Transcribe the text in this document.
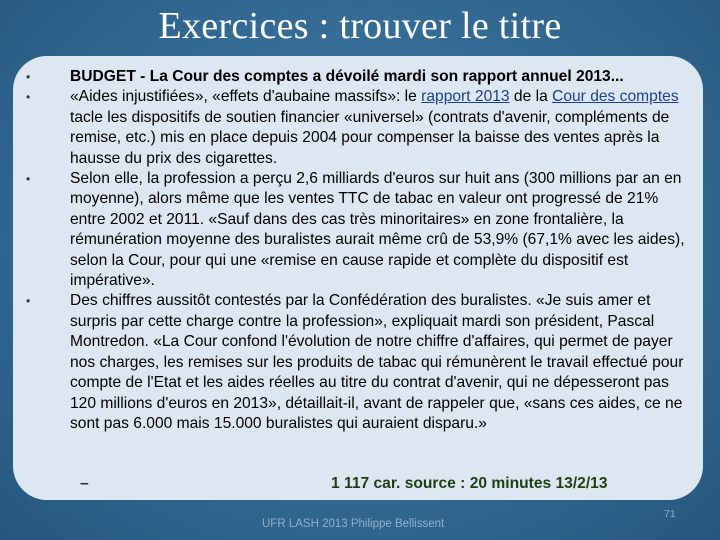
Exercices : trouver le titre
•	BUDGET - La Cour des comptes a dévoilé mardi son rapport annuel 2013...
•	«Aides injustifiées», «effets d'aubaine massifs»: le rapport 2013 de la Cour des comptes tacle les dispositifs de soutien financier «universel» (contrats d'avenir, compléments de remise, etc.) mis en place depuis 2004 pour compenser la baisse des ventes après la hausse du prix des cigarettes.
•	Selon elle, la profession a perçu 2,6 milliards d'euros sur huit ans (300 millions par an en moyenne), alors même que les ventes TTC de tabac en valeur ont progressé de 21% entre 2002 et 2011. «Sauf dans des cas très minoritaires» en zone frontalière, la rémunération moyenne des buralistes aurait même crû de 53,9% (67,1% avec les aides), selon la Cour, pour qui une «remise en cause rapide et complète du dispositif est impérative».
•	Des chiffres aussitôt contestés par la Confédération des buralistes. «Je suis amer et surpris par cette charge contre la profession», expliquait mardi son président, Pascal Montredon. «La Cour confond l'évolution de notre chiffre d'affaires, qui permet de payer nos charges, les remises sur les produits de tabac qui rémunèrent le travail effectué pour compte de l'Etat et les aides réelles au titre du contrat d'avenir, qui ne dépesseront pas 120 millions d'euros en 2013», détaillait-il, avant de rappeler que, «sans ces aides, ce ne sont pas 6.000 mais 15.000 buralistes qui auraient disparu.»
–	1 117 car. source : 20 minutes 13/2/13
UFR LASH 2013 Philippe Bellissent
71
